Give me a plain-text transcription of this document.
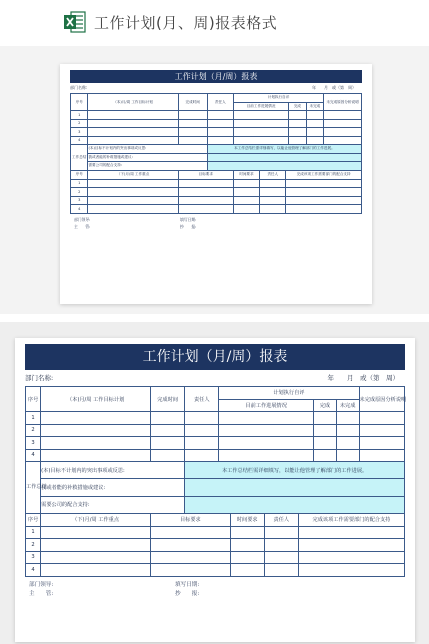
工作计划(月、周)报表格式
工作计划（月/周）报表
部门名称:	年　　月　或（第　周）
序号	（本)月/周 工作目标计划	完成时间	责任人	计划执行自评			未完成原因分析说明
				目前工作进展情况	完成	未完成	
1							
2							
3							
4							
工作总结	(本)目标不计划内的突出事项或反思:		本工作总结栏需详细填写，以能让他管理了解部门的工作进展。				
	我或者能的补救措施或建议:						
	需要公司的配合支持:						
序号	（下)月/周 工作重点	目标要求	时间要求	责任人	完成该项工作需要部门的配合支持
1					
2					
3					
4					
部门领导:
主　　管:
填写日期:
抄　　报:
工作计划（月/周）报表
部门名称:	年　　月　或（第　周）
序号	（本)月/周 工作目标计划	完成时间	责任人	计划执行自评			未完成原因分析说明
				目前工作进展情况	完成	未完成	
1							
2							
3							
4							
工作总结	(本)目标不计划内的突出事项或反思:		本工作总结栏需详细填写，以能让他管理了解部门的工作进展。				
	我或者能的补救措施或建议:						
	需要公司的配合支持:						
序号	（下)月/周 工作重点	目标要求	时间要求	责任人	完成该项工作需要部门的配合支持
1					
2					
3					
4					
部门领导:
主　　管:
填写日期:
抄　　报:
